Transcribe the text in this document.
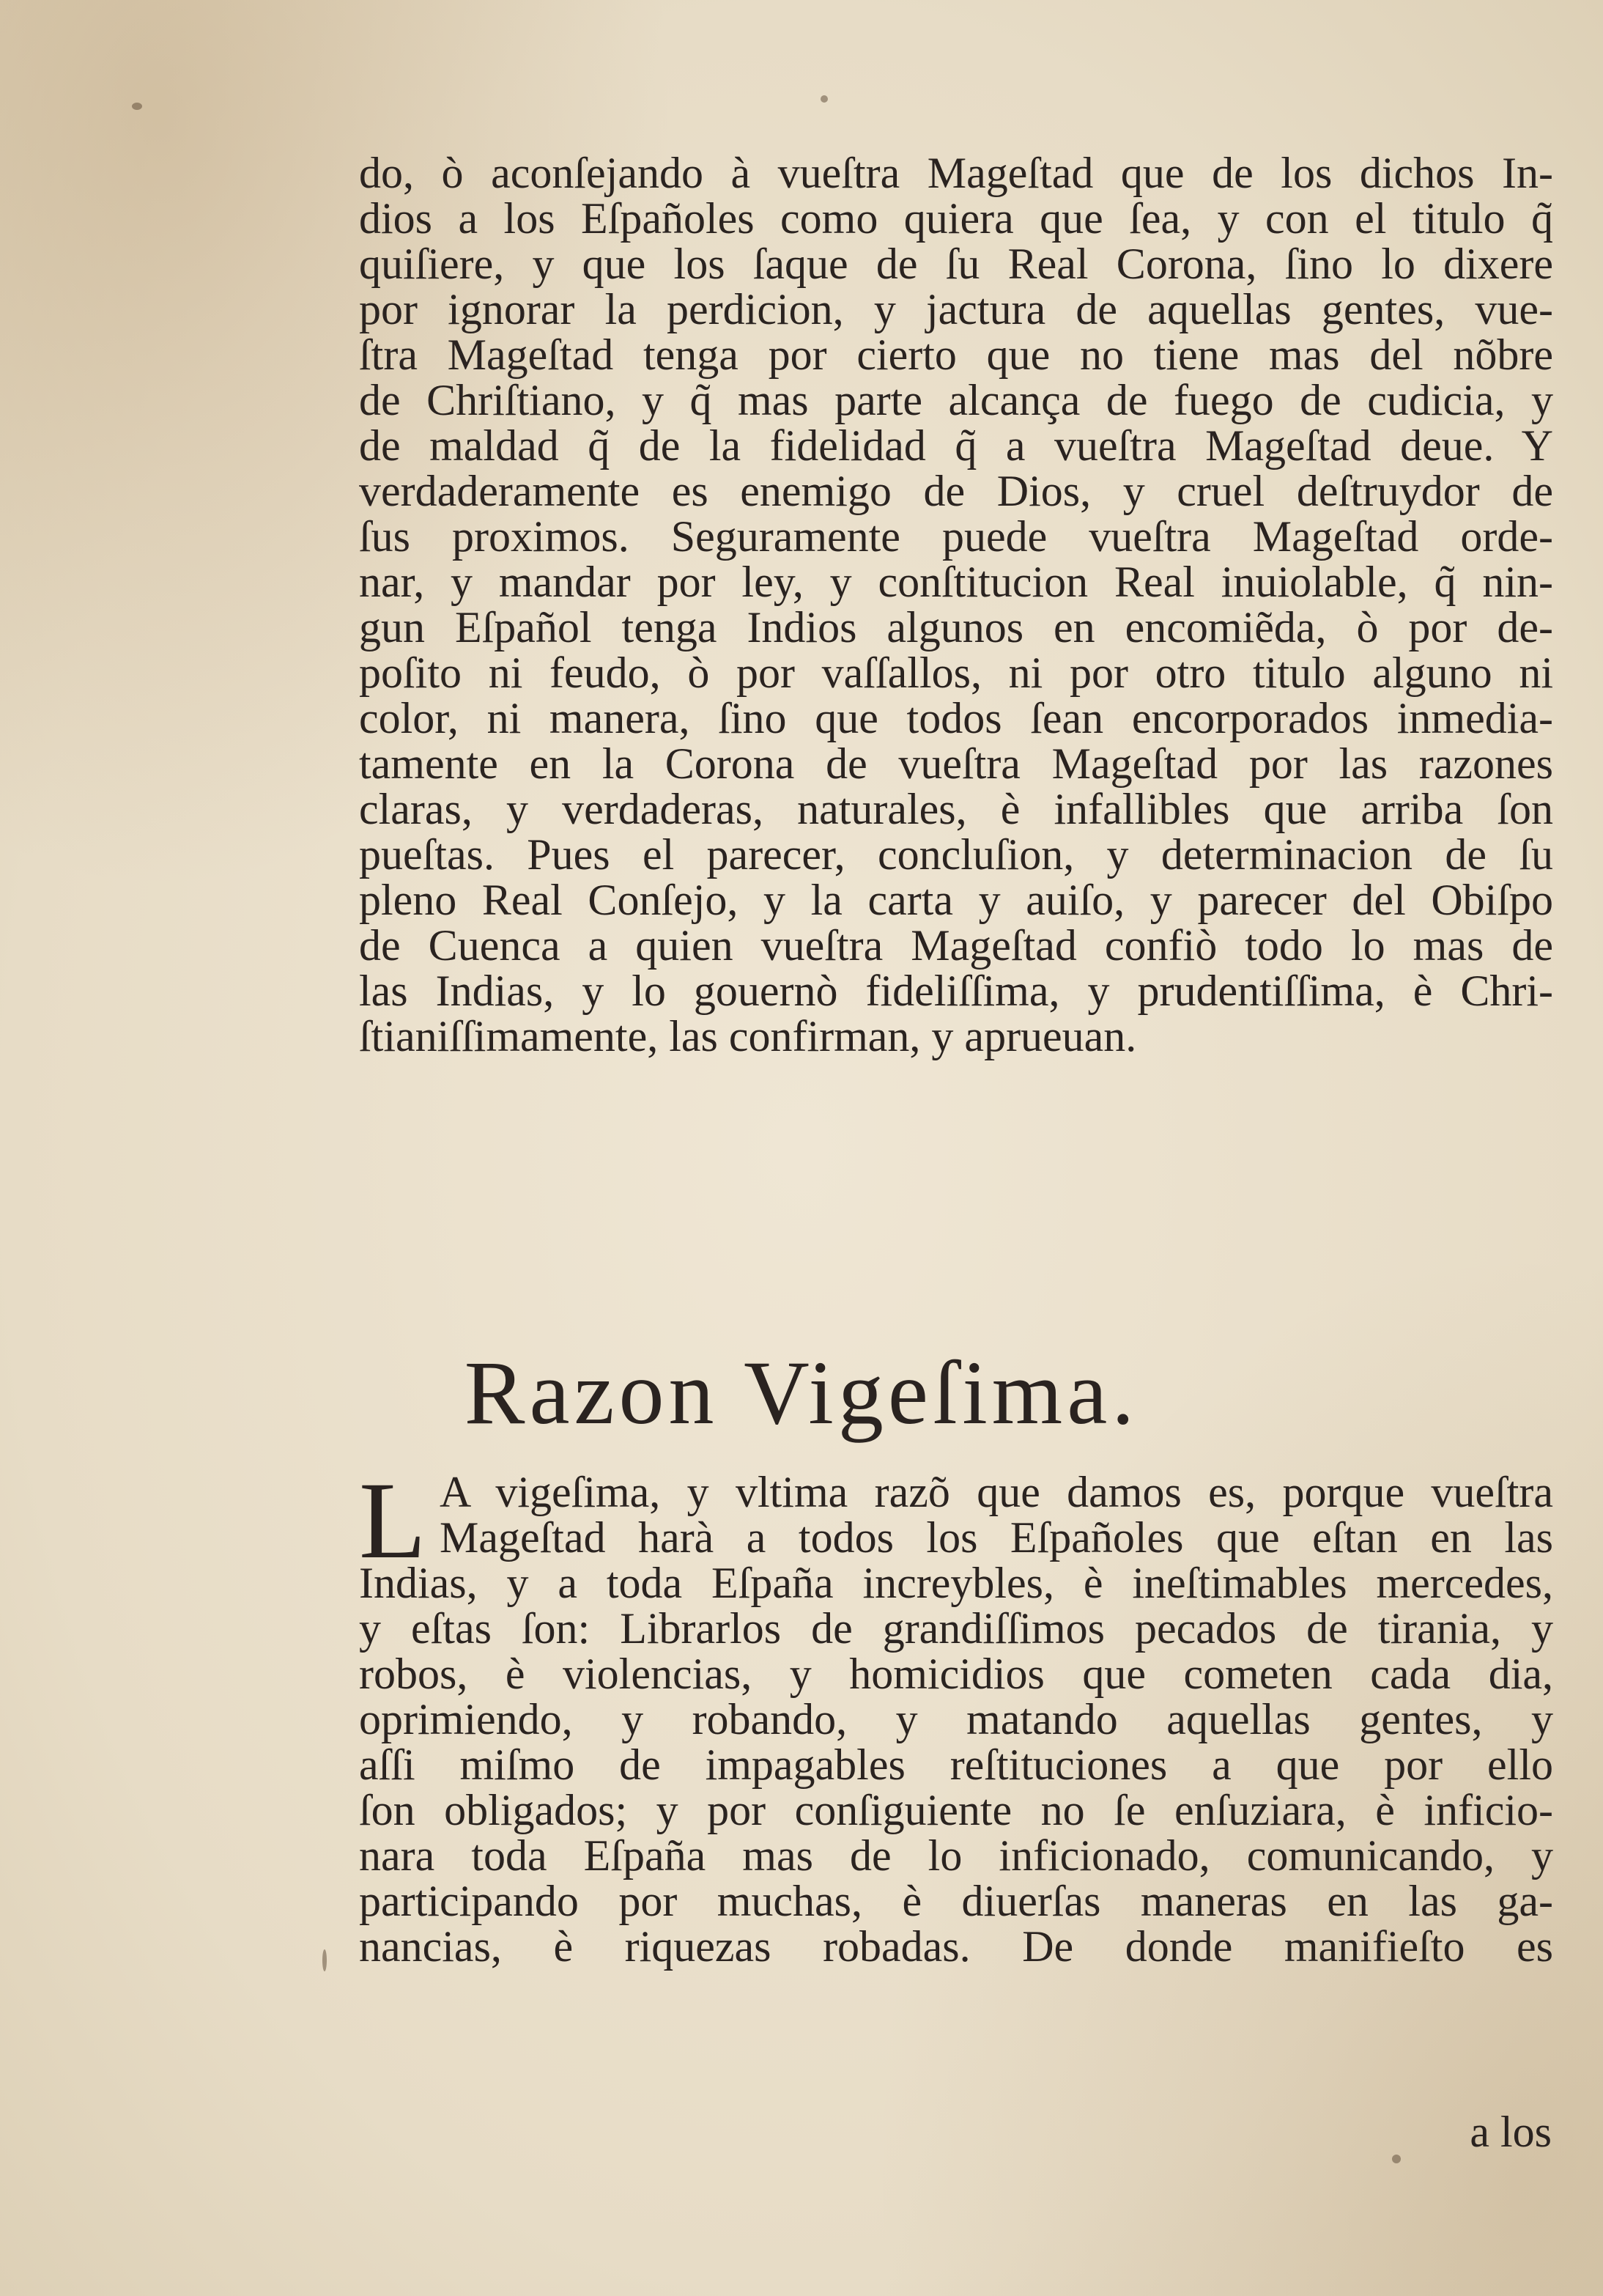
do, ò aconſejando à vueſtra Mageſtad que de los dichos In-
dios a los Eſpañoles como quiera que ſea, y con el titulo q̃
quiſiere, y que los ſaque de ſu Real Corona, ſino lo dixere
por ignorar la perdicion, y jactura de aquellas gentes, vue-
ſtra Mageſtad tenga por cierto que no tiene mas del nõbre
de Chriſtiano, y q̃ mas parte alcança de fuego de cudicia, y
de maldad q̃ de la fidelidad q̃ a vueſtra Mageſtad deue. Y
verdaderamente es enemigo de Dios, y cruel deſtruydor de
ſus proximos. Seguramente puede vueſtra Mageſtad orde-
nar, y mandar por ley, y conſtitucion Real inuiolable, q̃ nin-
gun Eſpañol tenga Indios algunos en encomiẽda, ò por de-
poſito ni feudo, ò por vaſſallos, ni por otro titulo alguno ni
color, ni manera, ſino que todos ſean encorporados inmedia-
tamente en la Corona de vueſtra Mageſtad por las razones
claras, y verdaderas, naturales, è infallibles que arriba ſon
pueſtas. Pues el parecer, concluſion, y determinacion de ſu
pleno Real Conſejo, y la carta y auiſo, y parecer del Obiſpo
de Cuenca a quien vueſtra Mageſtad confiò todo lo mas de
las Indias, y lo gouernò fideliſſima, y prudentiſſima, è Chri-
ſtianiſſimamente, las confirman, y aprueuan.
Razon Vigeſima.
L A vigeſima, y vltima razõ que damos es, porque vueſtra
Mageſtad harà a todos los Eſpañoles que eſtan en las
Indias, y a toda Eſpaña increybles, è ineſtimables mercedes,
y eſtas ſon: Librarlos de grandiſſimos pecados de tirania, y
robos, è violencias, y homicidios que cometen cada dia,
oprimiendo, y robando, y matando aquellas gentes, y
aſſi miſmo de impagables reſtituciones a que por ello
ſon obligados; y por conſiguiente no ſe enſuziara, è inficio-
nara toda Eſpaña mas de lo inficionado, comunicando, y
participando por muchas, è diuerſas maneras en las ga-
nancias, è riquezas robadas. De donde manifieſto es
a los
